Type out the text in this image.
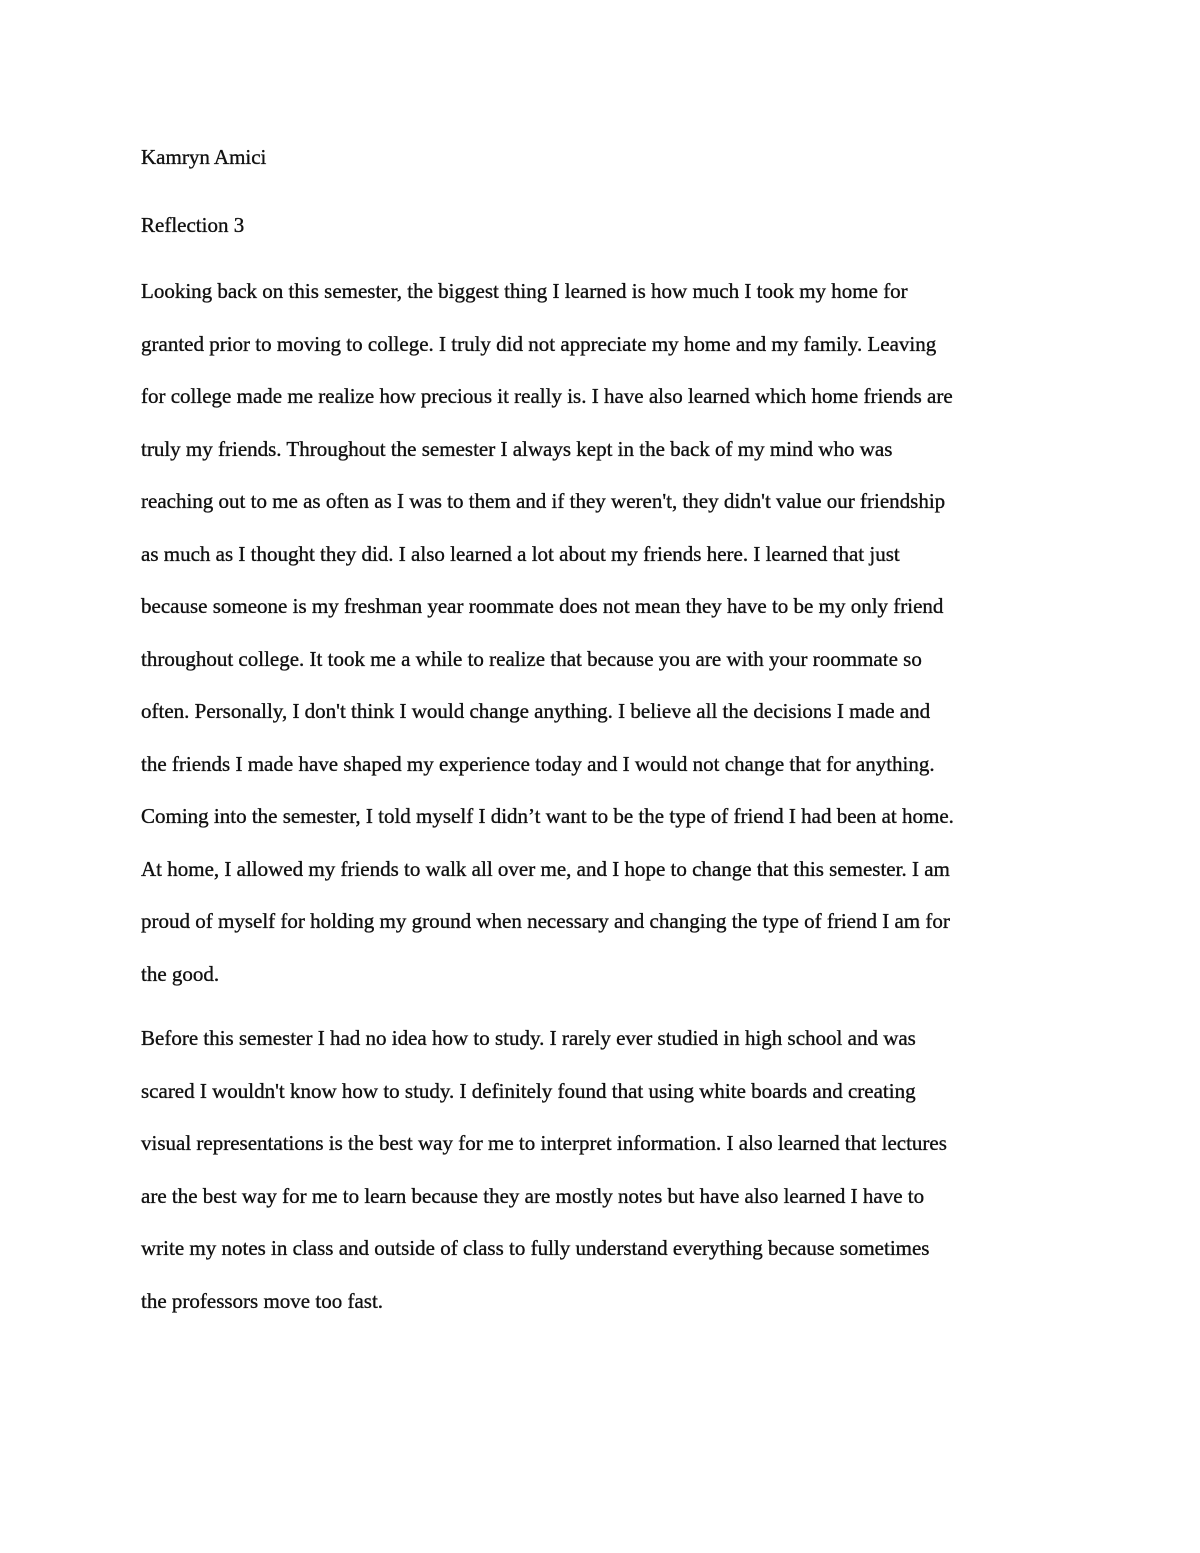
Kamryn Amici

Reflection 3
Looking back on this semester, the biggest thing I learned is how much I took my home for
granted prior to moving to college. I truly did not appreciate my home and my family. Leaving
for college made me realize how precious it really is. I have also learned which home friends are
truly my friends. Throughout the semester I always kept in the back of my mind who was
reaching out to me as often as I was to them and if they weren't, they didn't value our friendship
as much as I thought they did. I also learned a lot about my friends here. I learned that just
because someone is my freshman year roommate does not mean they have to be my only friend
throughout college. It took me a while to realize that because you are with your roommate so
often. Personally, I don't think I would change anything. I believe all the decisions I made and
the friends I made have shaped my experience today and I would not change that for anything.
Coming into the semester, I told myself I didn’t want to be the type of friend I had been at home.
At home, I allowed my friends to walk all over me, and I hope to change that this semester. I am
proud of myself for holding my ground when necessary and changing the type of friend I am for
the good.
Before this semester I had no idea how to study. I rarely ever studied in high school and was
scared I wouldn't know how to study. I definitely found that using white boards and creating
visual representations is the best way for me to interpret information. I also learned that lectures
are the best way for me to learn because they are mostly notes but have also learned I have to
write my notes in class and outside of class to fully understand everything because sometimes
the professors move too fast.
